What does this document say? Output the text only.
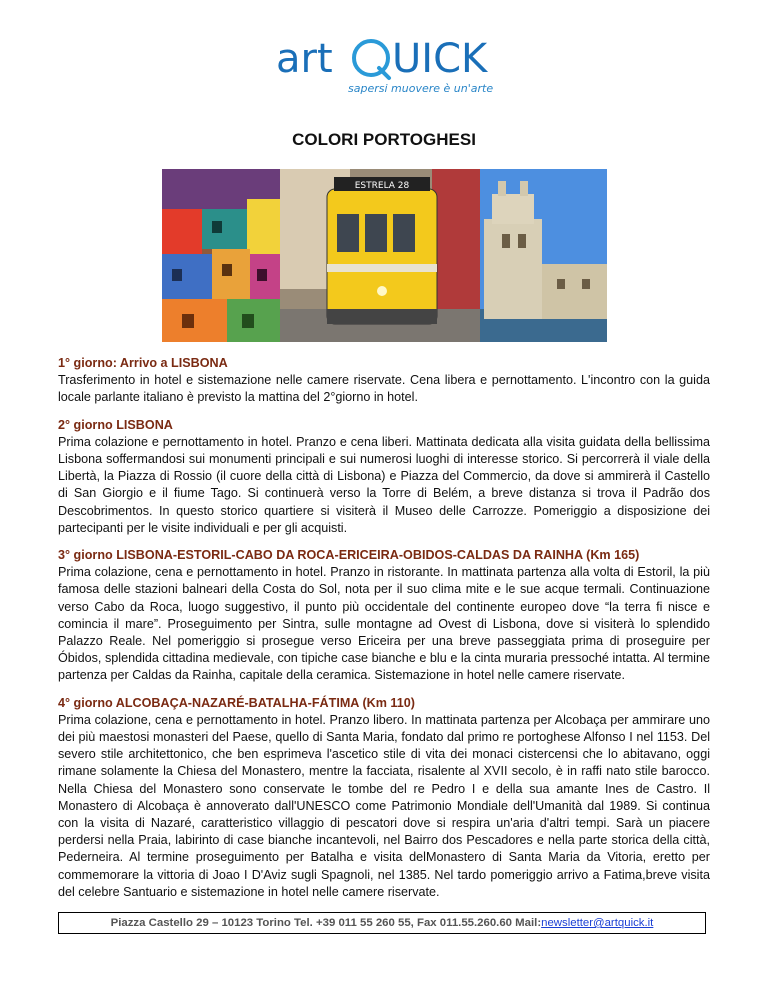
art UICK
sapersi muovere è un'arte
COLORI PORTOGHESI
ESTRELA 28
1° giorno: Arrivo a LISBONA

Trasferimento in hotel e sistemazione nelle camere riservate. Cena libera e pernottamento. L'incontro con la guida locale parlante italiano è previsto la mattina del 2°giorno in hotel.

2° giorno LISBONA

Prima colazione e pernottamento in hotel. Pranzo e cena liberi. Mattinata dedicata alla visita guidata della bellissima Lisbona soffermandosi sui monumenti principali e sui numerosi luoghi di interesse storico. Si percorrerà il viale della Libertà, la Piazza di Rossio (il cuore della città di Lisbona) e Piazza del Commercio, da dove si ammirerà il Castello di San Giorgio e il fiume Tago. Si continuerà verso la Torre di Belém, a breve distanza si trova il Padrão dos Descobrimentos. In questo storico quartiere si visiterà il Museo delle Carrozze. Pomeriggio a disposizione dei partecipanti per le visite individuali e per gli acquisti.

3° giorno LISBONA-ESTORIL-CABO DA ROCA-ERICEIRA-OBIDOS-CALDAS DA RAINHA (Km 165)

Prima colazione, cena e pernottamento in hotel. Pranzo in ristorante. In mattinata partenza alla volta di Estoril, la più famosa delle stazioni balneari della Costa do Sol, nota per il suo clima mite e le sue acque termali. Continuazione verso Cabo da Roca, luogo suggestivo, il punto più occidentale del continente europeo dove “la terra fi nisce e comincia il mare”. Proseguimento per Sintra, sulle montagne ad Ovest di Lisbona, dove si visiterà lo splendido Palazzo Reale. Nel pomeriggio si prosegue verso Ericeira per una breve passeggiata prima di proseguire per Óbidos, splendida cittadina medievale, con tipiche case bianche e blu e la cinta muraria pressoché intatta. Al termine partenza per Caldas da Rainha, capitale della ceramica. Sistemazione in hotel nelle camere riservate.

4° giorno ALCOBAÇA-NAZARÉ-BATALHA-FÁTIMA (Km 110)

Prima colazione, cena e pernottamento in hotel. Pranzo libero. In mattinata partenza per Alcobaça per ammirare uno dei più maestosi monasteri del Paese, quello di Santa Maria, fondato dal primo re portoghese Alfonso I nel 1153. Del severo stile architettonico, che ben esprimeva l'ascetico stile di vita dei monaci cistercensi che lo abitavano, oggi rimane solamente la Chiesa del Monastero, mentre la facciata, risalente al XVII secolo, è in raffi nato stile barocco. Nella Chiesa del Monastero sono conservate le tombe del re Pedro I e della sua amante Ines de Castro. Il Monastero di Alcobaça è annoverato dall'UNESCO come Patrimonio Mondiale dell'Umanità dal 1989. Si continua con la visita di Nazaré, caratteristico villaggio di pescatori dove si respira un'aria d'altri tempi. Sarà un piacere perdersi nella Praia, labirinto di case bianche incantevoli, nel Bairro dos Pescadores e nella parte storica della città, Pederneira. Al termine proseguimento per Batalha e visita delMonastero di Santa Maria da Vitoria, eretto per commemorare la vittoria di Joao I D'Aviz sugli Spagnoli, nel 1385. Nel tardo pomeriggio arrivo a Fatima,breve visita del celebre Santuario e sistemazione in hotel nelle camere riservate.

Piazza Castello 29 – 10123 Torino Tel. +39 011 55 260 55, Fax 011.55.260.60 Mail:newsletter@artquick.it
